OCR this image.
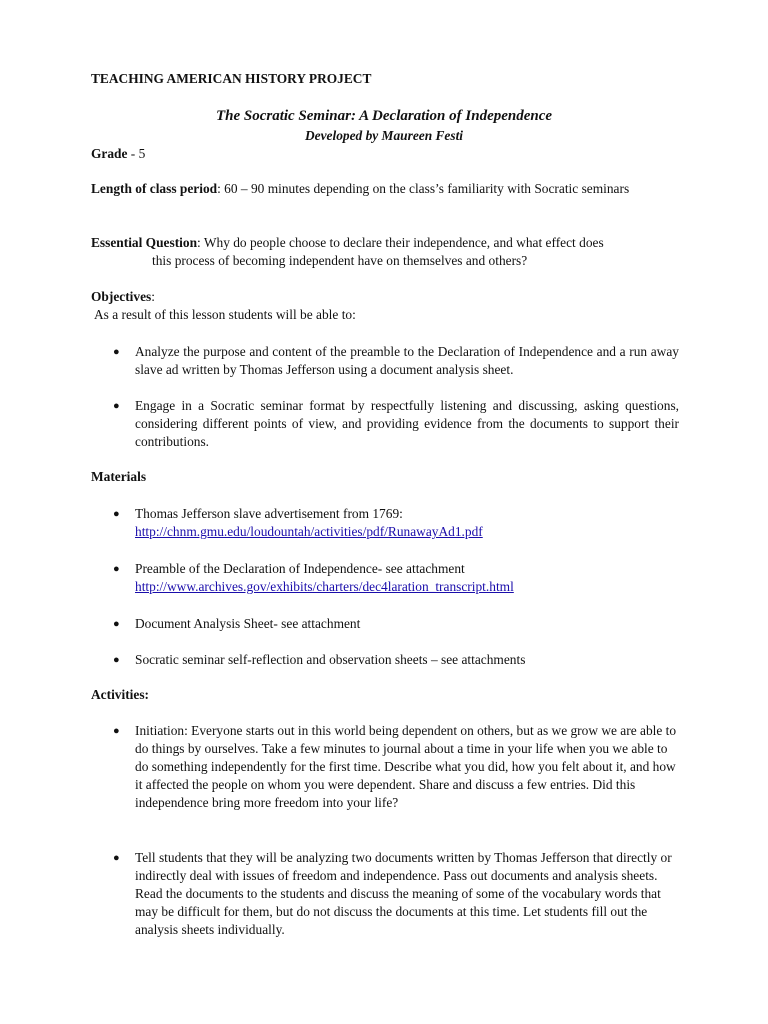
TEACHING AMERICAN HISTORY PROJECT

The Socratic Seminar: A Declaration of Independence

Developed by Maureen Festi

Grade - 5

Length of class period: 60 – 90 minutes depending on the class’s familiarity with Socratic seminars

Essential Question: Why do people choose to declare their independence, and what effect does

this process of becoming independent have on themselves and others?

Objectives:

As a result of this lesson students will be able to:

● Analyze the purpose and content of the preamble to the Declaration of Independence and a run away slave ad written by Thomas Jefferson using a document analysis sheet.
● Engage in a Socratic seminar format by respectfully listening and discussing, asking questions, considering different points of view, and providing evidence from the documents to support their contributions.

Materials

● Thomas Jefferson slave advertisement from 1769:
http://chnm.gmu.edu/loudountah/activities/pdf/RunawayAd1.pdf
● Preamble of the Declaration of Independence- see attachment
http://www.archives.gov/exhibits/charters/dec4laration_transcript.html
● Document Analysis Sheet- see attachment
● Socratic seminar self-reflection and observation sheets – see attachments

Activities:

● Initiation: Everyone starts out in this world being dependent on others, but as we grow we are able to do things by ourselves. Take a few minutes to journal about a time in your life when you we able to do something independently for the first time. Describe what you did, how you felt about it, and how it affected the people on whom you were dependent. Share and discuss a few entries. Did this independence bring more freedom into your life?
● Tell students that they will be analyzing two documents written by Thomas Jefferson that directly or indirectly deal with issues of freedom and independence. Pass out documents and analysis sheets. Read the documents to the students and discuss the meaning of some of the vocabulary words that may be difficult for them, but do not discuss the documents at this time. Let students fill out the analysis sheets individually.
